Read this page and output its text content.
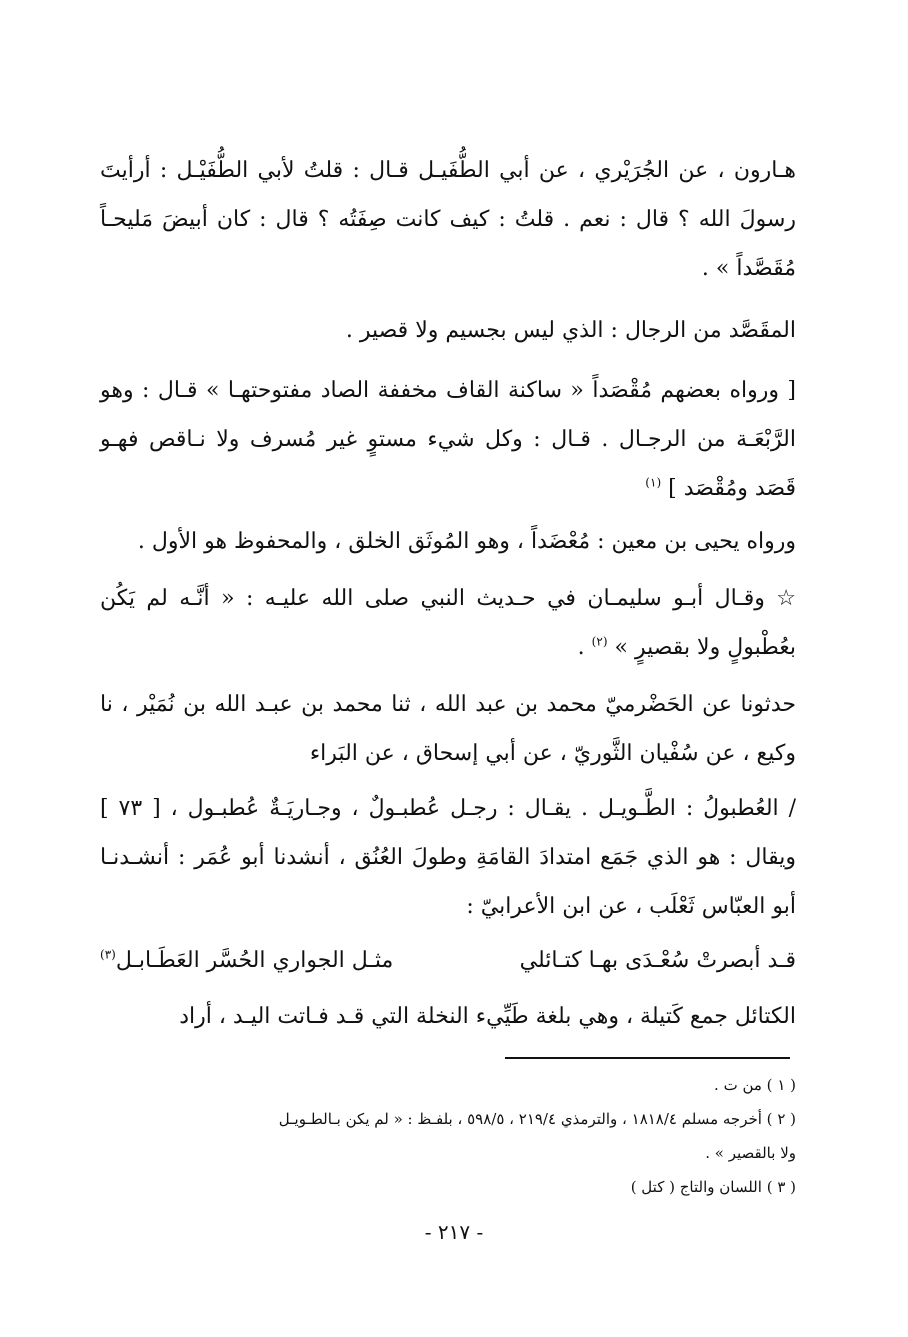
هـارون ، عن الجُرَيْري ، عن أبي الطُّفَيـل قـال : قلتُ لأبي الطُّفَيْـل : أرأيتَ رسولَ الله ؟ قال : نعم . قلتُ : كيف كانت صِفَتُه ؟ قال : كان أبيضَ مَليحـاً مُقَصَّداً » .

المقَصَّد من الرجال : الذي ليس بجسيم ولا قصير .

[ ورواه بعضهم مُقْصَداً « ساكنة القاف مخففة الصاد مفتوحتهـا » قـال : وهو الرَّبْعَـة من الرجـال . قـال : وكل شيء مستوٍ غير مُسرف ولا نـاقص فهـو قَصَد ومُقْصَد ] $^{(١)}$

ورواه يحيى بن معين : مُعْضَداً ، وهو المُوثَق الخلق ، والمحفوظ هو الأول .

☆ وقـال أبـو سليمـان في حـديث النبي صلى الله عليـه : « أنَّـه لم يَكُن بعُطْبولٍ ولا بقصيرٍ » $^{(٢)}$ .

حدثونا عن الحَضْرميّ محمد بن عبد الله ، ثنا محمد بن عبـد الله بن نُمَيْر ، نا وكيع ، عن سُفْيان الثَّوريّ ، عن أبي إسحاق ، عن البَراء

/ العُطبولُ : الطَّـويـل . يقـال : رجـل عُطبـولٌ ، وجـاريَـةٌ عُطبـول ، [ ٧٣ ] ويقال : هو الذي جَمَع امتدادَ القامَةِ وطولَ العُنُق ، أنشدنا أبو عُمَر : أنشـدنـا أبو العبّاس ثَعْلَب ، عن ابن الأعرابيّ :

قـد أبصرتْ سُعْـدَى بهـا كتـائلي
مثـل الجواري الحُسَّر العَطَـابـل$^{(٣)}$

الكتائل جمع كَتيلة ، وهي بلغة طَيِّيء النخلة التي قـد فـاتت اليـد ، أراد

( ١ ) من ت .

( ٢ ) أخرجه مسلم ١٨١٨/٤ ، والترمذي ٢١٩/٤ ، ٥٩٨/٥ ، بلفـظ : « لم يكن بـالطـويـل

ولا بالقصير » .

( ٣ ) اللسان والتاج ( كتل )

- ٢١٧ -
